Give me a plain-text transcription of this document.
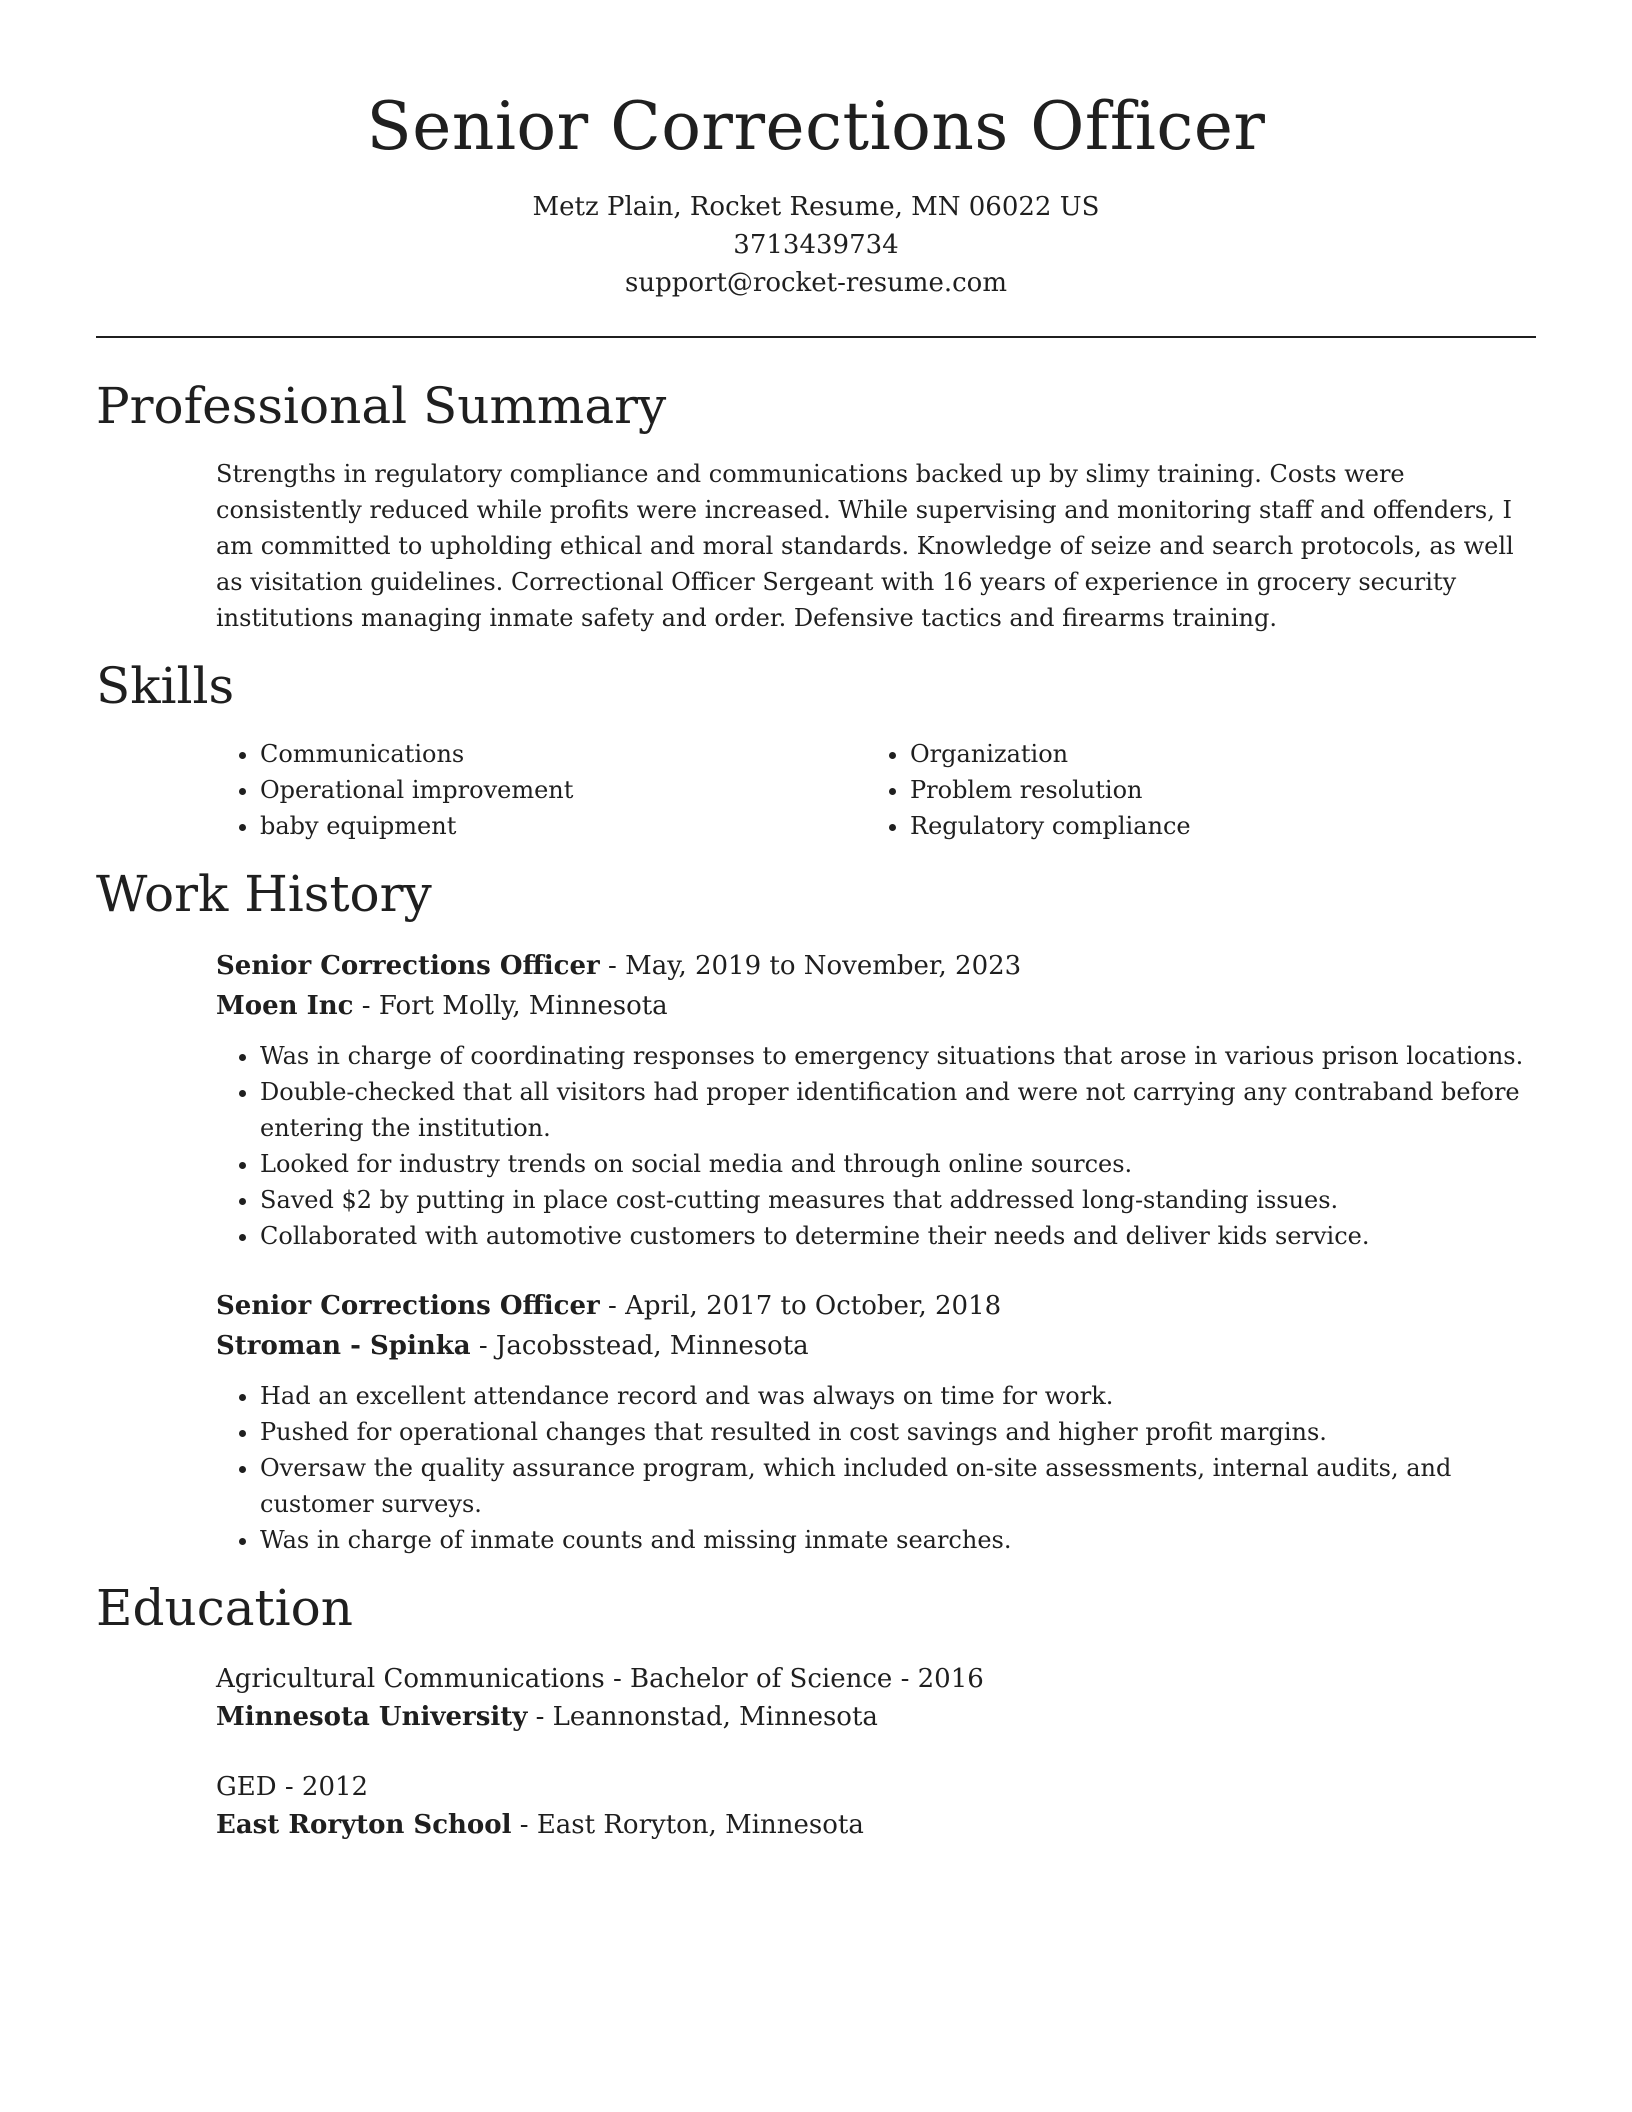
Senior Corrections Officer
Metz Plain, Rocket Resume, MN 06022 US
3713439734
support@rocket-resume.com
Professional Summary
Strengths in regulatory compliance and communications backed up by slimy training. Costs were consistently reduced while profits were increased. While supervising and monitoring staff and offenders, I am committed to upholding ethical and moral standards. Knowledge of seize and search protocols, as well as visitation guidelines. Correctional Officer Sergeant with 16 years of experience in grocery security institutions managing inmate safety and order. Defensive tactics and firearms training.
Skills
• Communications
• Operational improvement
• baby equipment
• Organization
• Problem resolution
• Regulatory compliance
Work History
Senior Corrections Officer - May, 2019 to November, 2023
Moen Inc - Fort Molly, Minnesota
• Was in charge of coordinating responses to emergency situations that arose in various prison locations.
• Double-checked that all visitors had proper identification and were not carrying any contraband before entering the institution.
• Looked for industry trends on social media and through online sources.
• Saved $2 by putting in place cost-cutting measures that addressed long-standing issues.
• Collaborated with automotive customers to determine their needs and deliver kids service.
Senior Corrections Officer - April, 2017 to October, 2018
Stroman - Spinka - Jacobsstead, Minnesota
• Had an excellent attendance record and was always on time for work.
• Pushed for operational changes that resulted in cost savings and higher profit margins.
• Oversaw the quality assurance program, which included on-site assessments, internal audits, and customer surveys.
• Was in charge of inmate counts and missing inmate searches.
Education
Agricultural Communications - Bachelor of Science - 2016
Minnesota University - Leannonstad, Minnesota
GED - 2012
East Roryton School - East Roryton, Minnesota
